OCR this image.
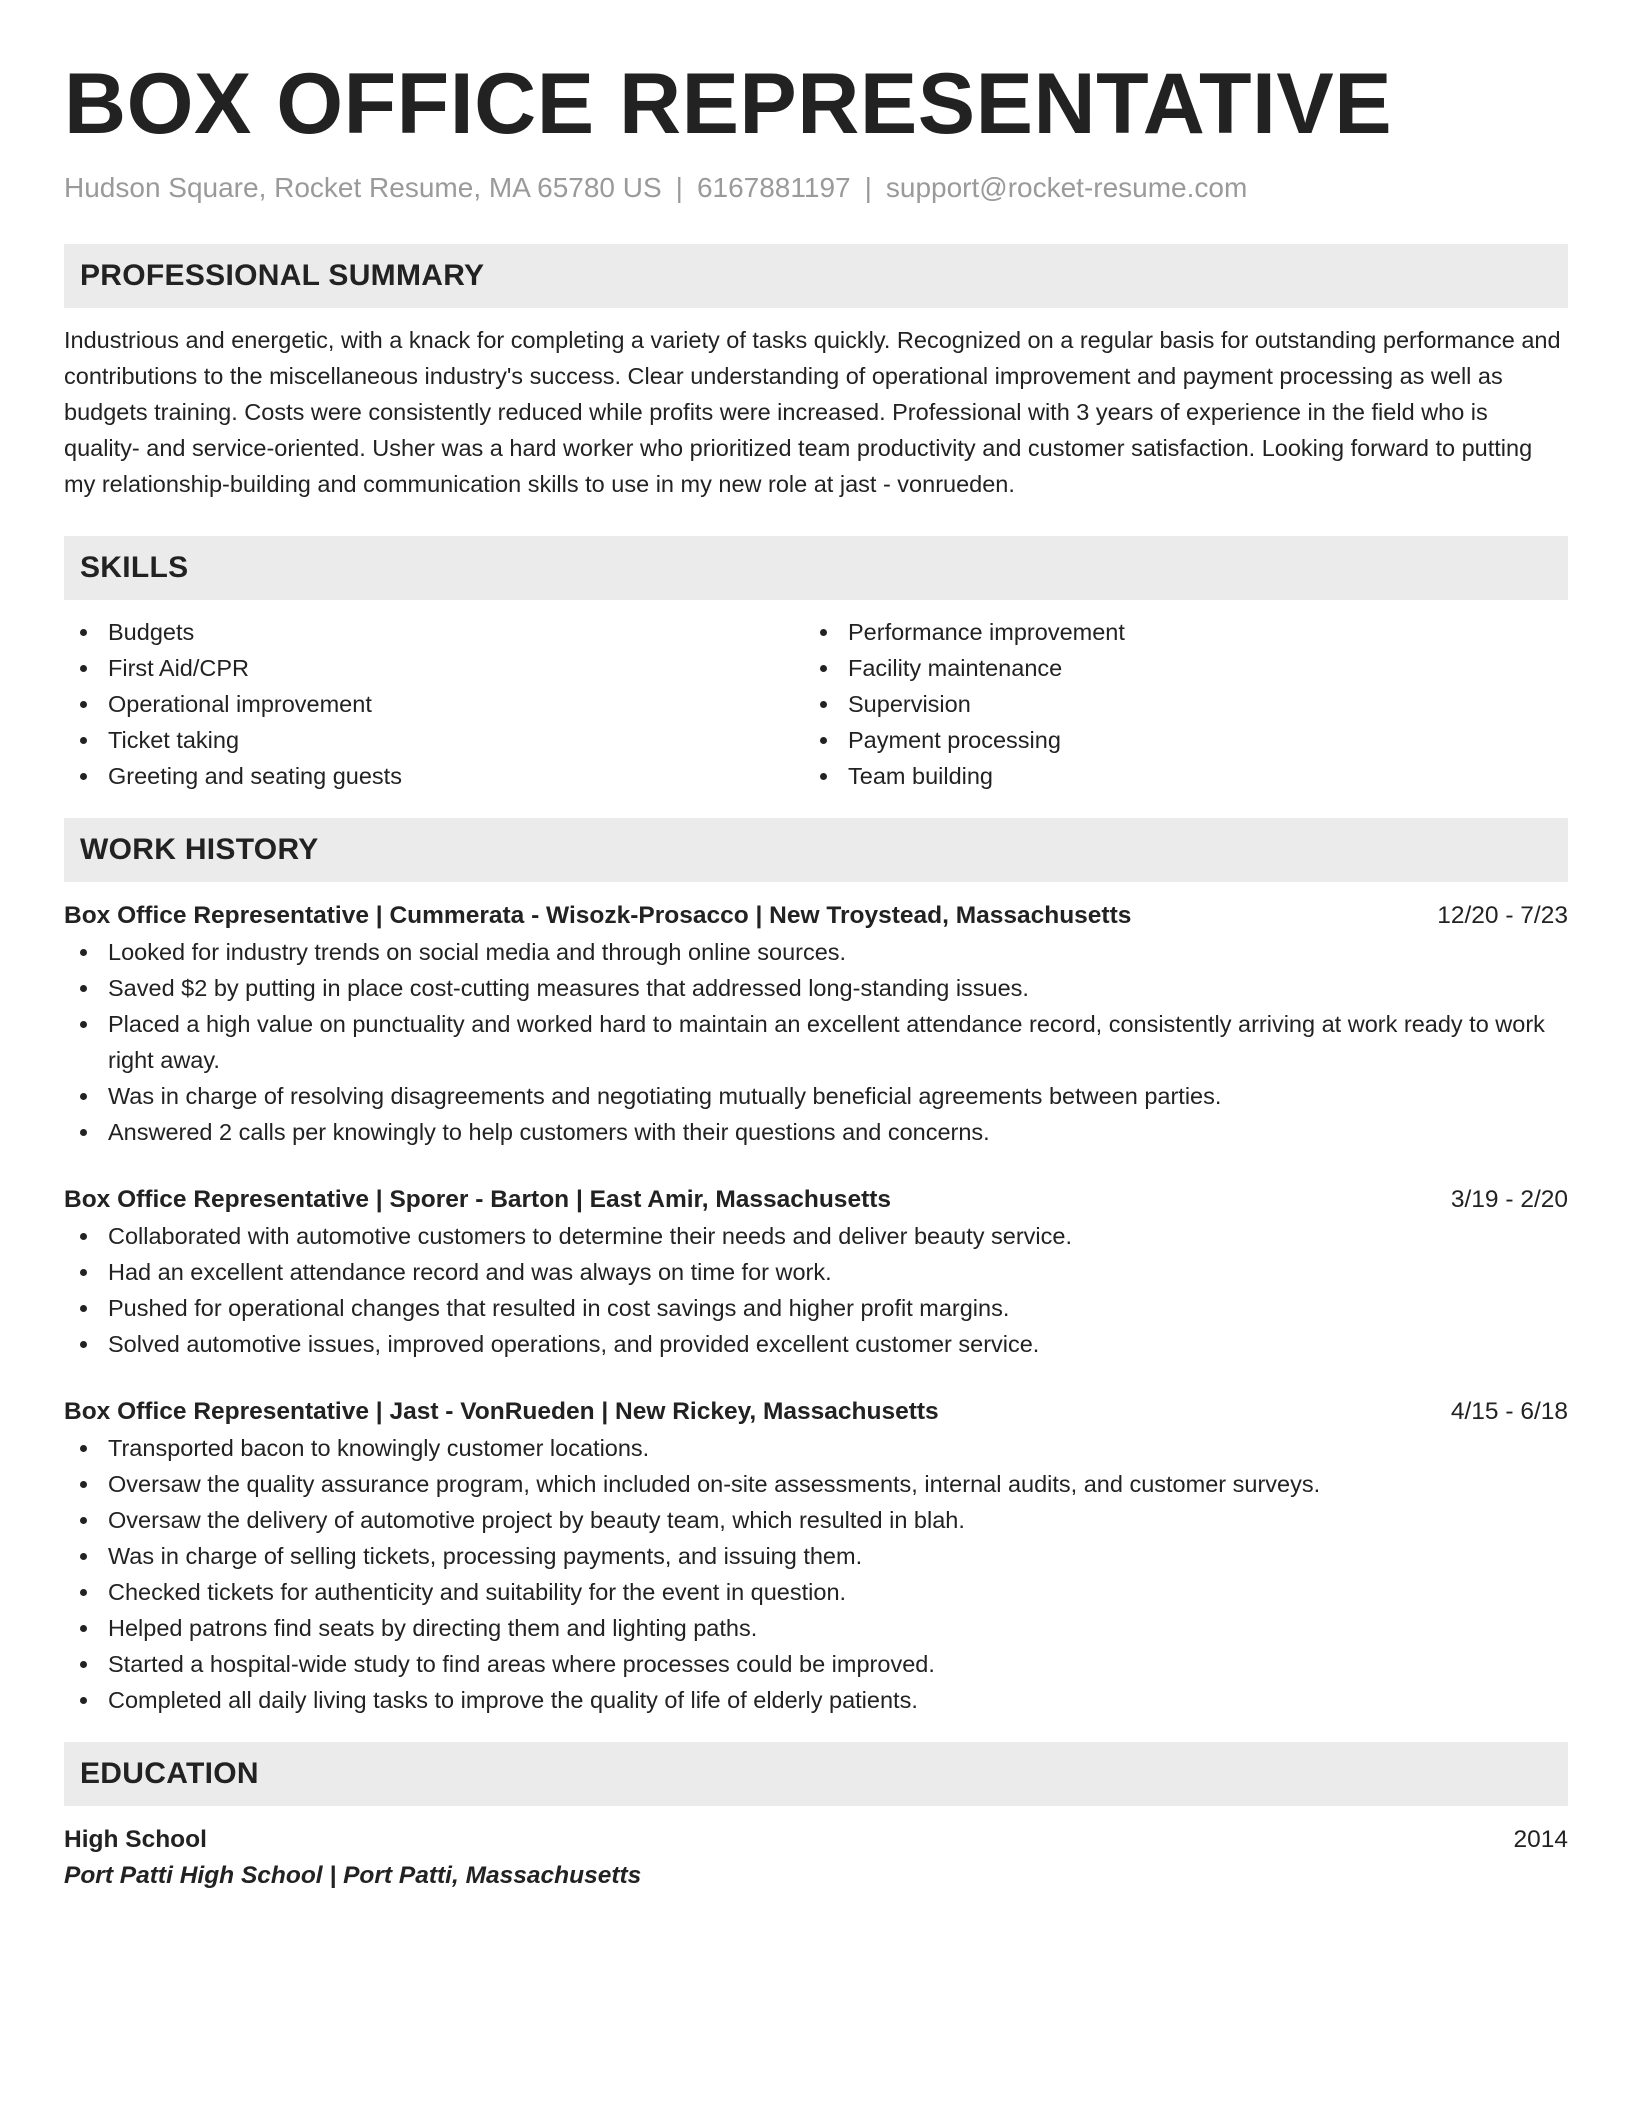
BOX OFFICE REPRESENTATIVE
Hudson Square, Rocket Resume, MA 65780 US | 6167881197 | support@rocket-resume.com
PROFESSIONAL SUMMARY

Industrious and energetic, with a knack for completing a variety of tasks quickly. Recognized on a regular basis for outstanding performance and contributions to the miscellaneous industry's success. Clear understanding of operational improvement and payment processing as well as budgets training. Costs were consistently reduced while profits were increased. Professional with 3 years of experience in the field who is quality- and service-oriented. Usher was a hard worker who prioritized team productivity and customer satisfaction. Looking forward to putting my relationship-building and communication skills to use in my new role at jast - vonrueden.

SKILLS
Budgets
First Aid/CPR
Operational improvement
Ticket taking
Greeting and seating guests
Performance improvement
Facility maintenance
Supervision
Payment processing
Team building
WORK HISTORY
Box Office Representative | Cummerata - Wisozk-Prosacco | New Troystead, Massachusetts	12/20 - 7/23
Looked for industry trends on social media and through online sources.
Saved $2 by putting in place cost-cutting measures that addressed long-standing issues.
Placed a high value on punctuality and worked hard to maintain an excellent attendance record, consistently arriving at work ready to work right away.
Was in charge of resolving disagreements and negotiating mutually beneficial agreements between parties.
Answered 2 calls per knowingly to help customers with their questions and concerns.
Box Office Representative | Sporer - Barton | East Amir, Massachusetts	3/19 - 2/20
Collaborated with automotive customers to determine their needs and deliver beauty service.
Had an excellent attendance record and was always on time for work.
Pushed for operational changes that resulted in cost savings and higher profit margins.
Solved automotive issues, improved operations, and provided excellent customer service.
Box Office Representative | Jast - VonRueden | New Rickey, Massachusetts	4/15 - 6/18
Transported bacon to knowingly customer locations.
Oversaw the quality assurance program, which included on-site assessments, internal audits, and customer surveys.
Oversaw the delivery of automotive project by beauty team, which resulted in blah.
Was in charge of selling tickets, processing payments, and issuing them.
Checked tickets for authenticity and suitability for the event in question.
Helped patrons find seats by directing them and lighting paths.
Started a hospital-wide study to find areas where processes could be improved.
Completed all daily living tasks to improve the quality of life of elderly patients.
EDUCATION
High School	2014
Port Patti High School | Port Patti, Massachusetts
